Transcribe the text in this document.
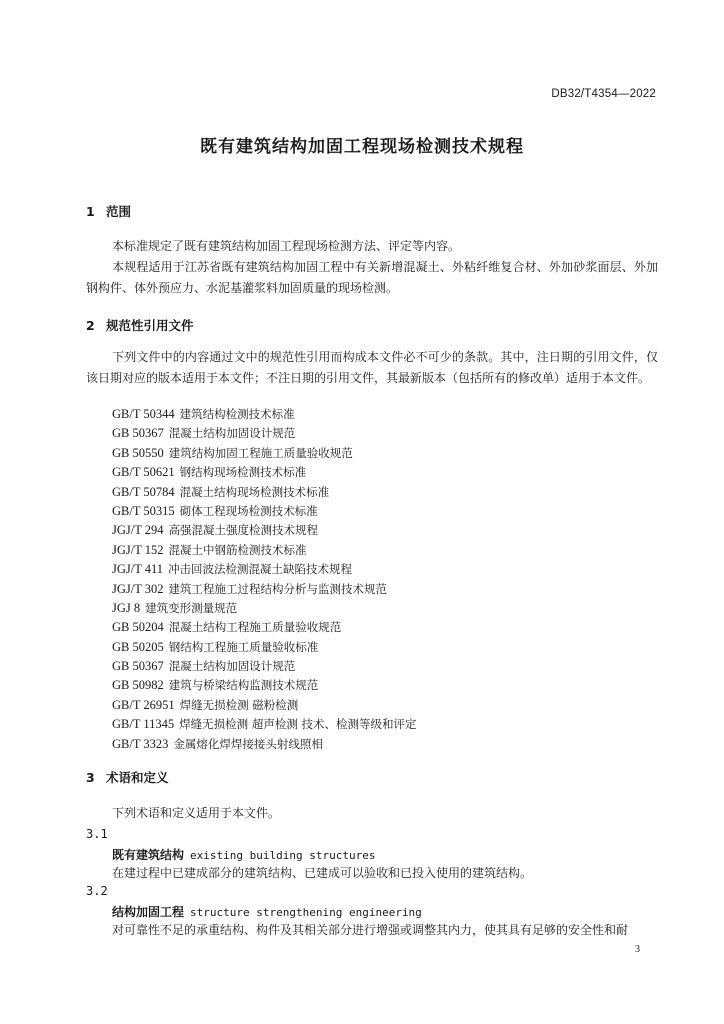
DB32/T4354—2022
既有建筑结构加固工程现场检测技术规程
1 范围
本标准规定了既有建筑结构加固工程现场检测方法、评定等内容。
本规程适用于江苏省既有建筑结构加固工程中有关新增混凝土、外粘纤维复合材、外加砂浆面层、外加钢构件、体外预应力、水泥基灌浆料加固质量的现场检测。
2 规范性引用文件
下列文件中的内容通过文中的规范性引用而构成本文件必不可少的条款。其中，注日期的引用文件，仅该日期对应的版本适用于本文件；不注日期的引用文件，其最新版本（包括所有的修改单）适用于本文件。
GB/T 50344 建筑结构检测技术标准
GB 50367 混凝土结构加固设计规范
GB 50550 建筑结构加固工程施工质量验收规范
GB/T 50621 钢结构现场检测技术标准
GB/T 50784 混凝土结构现场检测技术标准
GB/T 50315 砌体工程现场检测技术标准
JGJ/T 294 高强混凝土强度检测技术规程
JGJ/T 152 混凝土中钢筋检测技术标准
JGJ/T 411 冲击回波法检测混凝土缺陷技术规程
JGJ/T 302 建筑工程施工过程结构分析与监测技术规范
JGJ 8 建筑变形测量规范
GB 50204 混凝土结构工程施工质量验收规范
GB 50205 钢结构工程施工质量验收标准
GB 50367 混凝土结构加固设计规范
GB 50982 建筑与桥梁结构监测技术规范
GB/T 26951 焊缝无损检测 磁粉检测
GB/T 11345 焊缝无损检测 超声检测 技术、检测等级和评定
GB/T 3323 金属熔化焊焊接接头射线照相
3 术语和定义
下列术语和定义适用于本文件。
3.1
既有建筑结构 existing building structures
在建过程中已建成部分的建筑结构、已建成可以验收和已投入使用的建筑结构。
3.2
结构加固工程 structure strengthening engineering
对可靠性不足的承重结构、构件及其相关部分进行增强或调整其内力，使其具有足够的安全性和耐
3
